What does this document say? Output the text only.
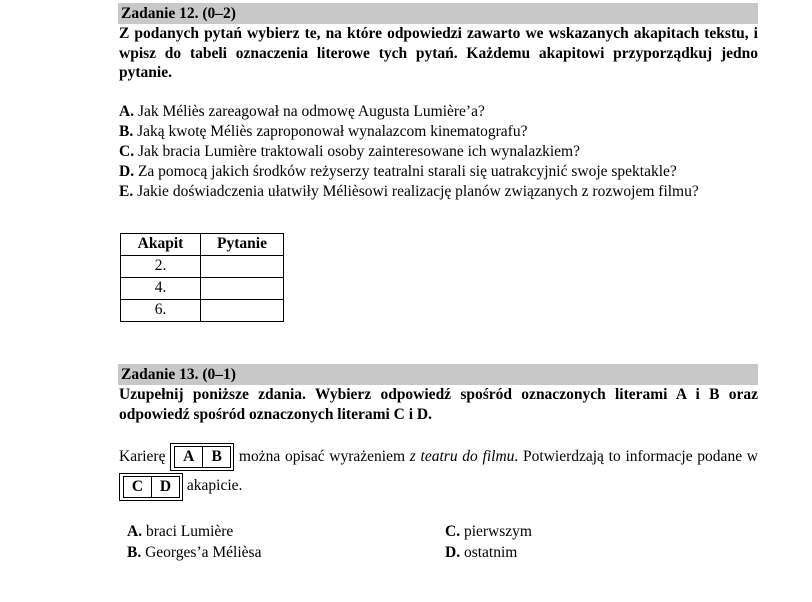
Zadanie 12. (0–2)

Z podanych pytań wybierz te, na które odpowiedzi zawarto we wskazanych akapitach tekstu, i wpisz do tabeli oznaczenia literowe tych pytań. Każdemu akapitowi przyporządkuj jedno pytanie.

A. Jak Méliès zareagował na odmowę Augusta Lumière’a?
B. Jaką kwotę Méliès zaproponował wynalazcom kinematografu?
C. Jak bracia Lumière traktowali osoby zainteresowane ich wynalazkiem?
D. Za pomocą jakich środków reżyserzy teatralni starali się uatrakcyjnić swoje spektakle?
E. Jakie doświadczenia ułatwiły Mélièsowi realizację planów związanych z rozwojem filmu?
Akapit	Pytanie
2.	
4.	
6.	
Zadanie 13. (0–1)

Uzupełnij poniższe zdania. Wybierz odpowiedź spośród oznaczonych literami A i B oraz odpowiedź spośród oznaczonych literami C i D.

Karierę A B można opisać wyrażeniem z teatru do filmu. Potwierdzają to informacje podane w C D akapicie.
A. braci Lumière	C. pierwszym
B. Georges’a Mélièsa	D. ostatnim
